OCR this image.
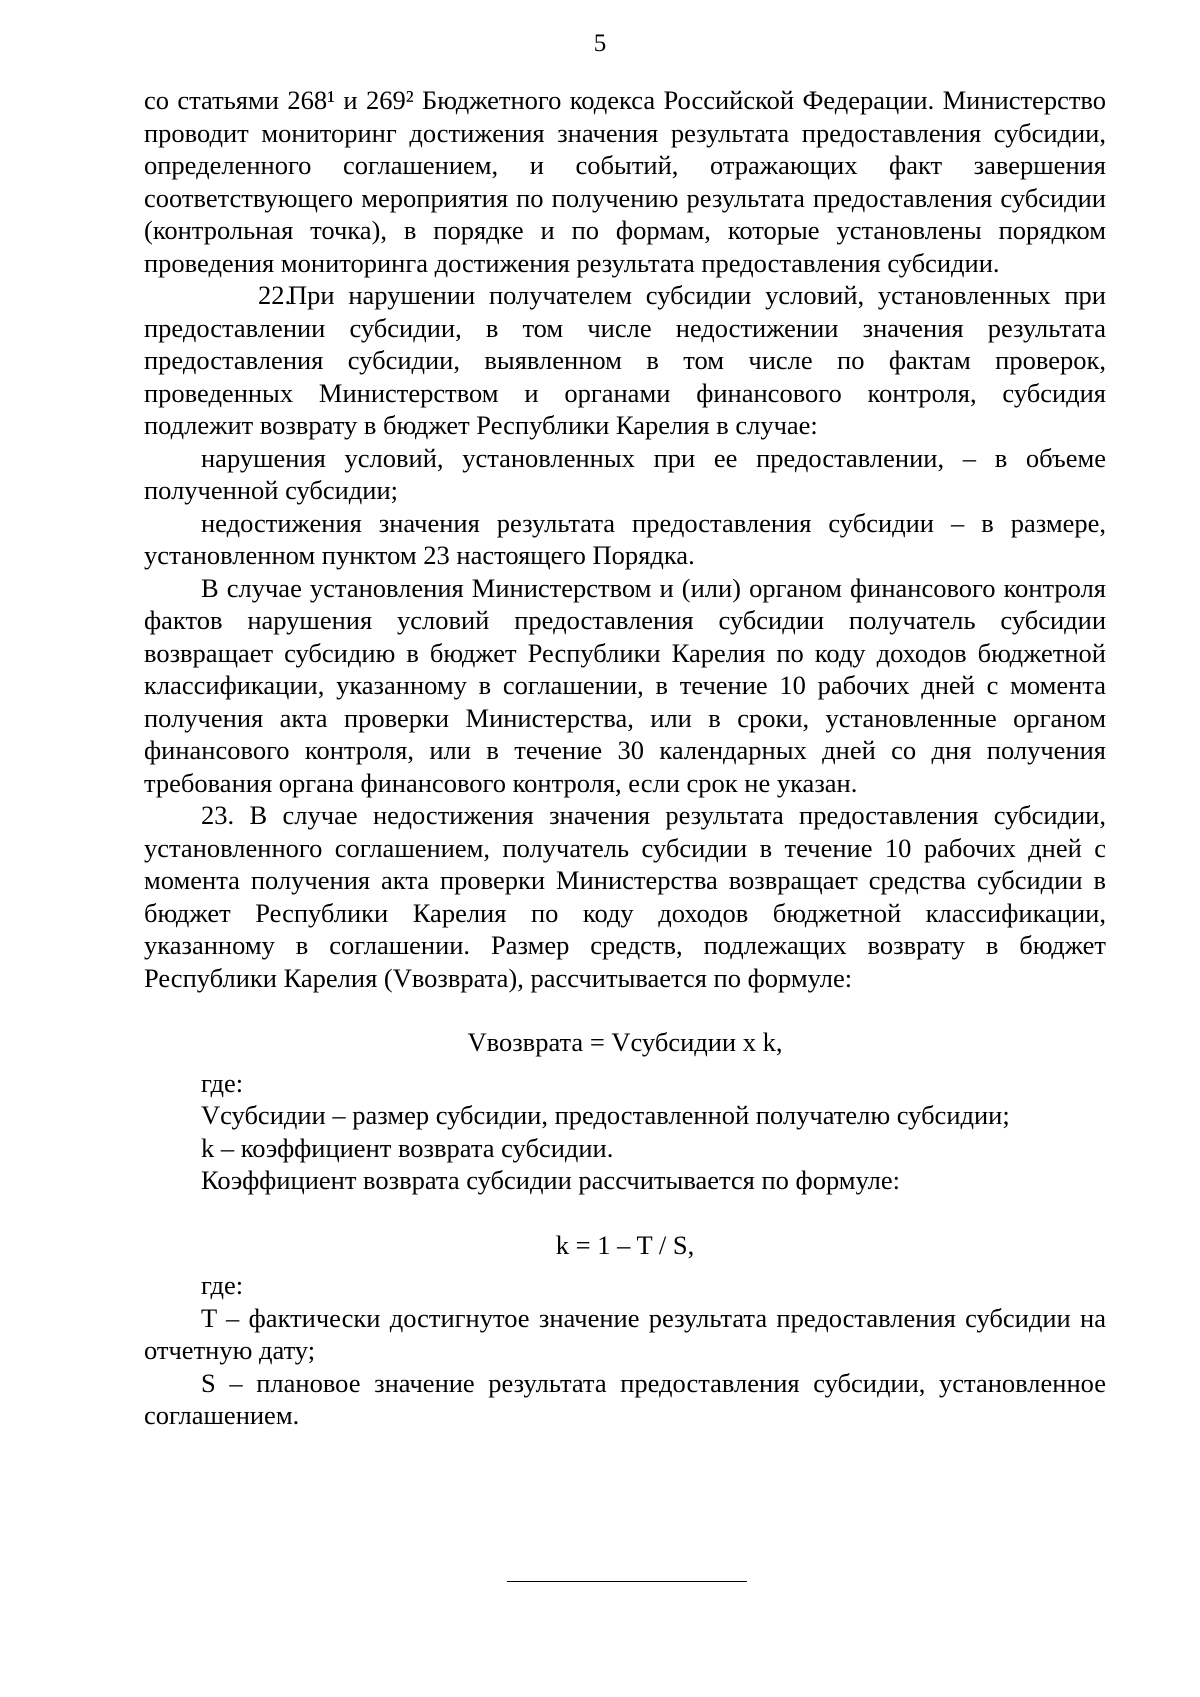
5

со статьями 268¹ и 269² Бюджетного кодекса Российской Федерации. Министерство проводит мониторинг достижения значения результата предоставления субсидии, определенного соглашением, и событий, отражающих факт завершения соответствующего мероприятия по получению результата предоставления субсидии (контрольная точка), в порядке и по формам, которые установлены порядком проведения мониторинга достижения результата предоставления субсидии.

22.При нарушении получателем субсидии условий, установленных при предоставлении субсидии, в том числе недостижении значения результата предоставления субсидии, выявленном в том числе по фактам проверок, проведенных Министерством и органами финансового контроля, субсидия подлежит возврату в бюджет Республики Карелия в случае:

нарушения условий, установленных при ее предоставлении, – в объеме полученной субсидии;

недостижения значения результата предоставления субсидии – в размере, установленном пунктом 23 настоящего Порядка.

В случае установления Министерством и (или) органом финансового контроля фактов нарушения условий предоставления субсидии получатель субсидии возвращает субсидию в бюджет Республики Карелия по коду доходов бюджетной классификации, указанному в соглашении, в течение 10 рабочих дней с момента получения акта проверки Министерства, или в сроки, установленные органом финансового контроля, или в течение 30 календарных дней со дня получения требования органа финансового контроля, если срок не указан.

23. В случае недостижения значения результата предоставления субсидии, установленного соглашением, получатель субсидии в течение 10 рабочих дней с момента получения акта проверки Министерства возвращает средства субсидии в бюджет Республики Карелия по коду доходов бюджетной классификации, указанному в соглашении. Размер средств, подлежащих возврату в бюджет Республики Карелия (Vвозврата), рассчитывается по формуле:

Vвозврата = Vсубсидии x k,

где:

Vсубсидии – размер субсидии, предоставленной получателю субсидии;

k – коэффициент возврата субсидии.

Коэффициент возврата субсидии рассчитывается по формуле:

k = 1 – T / S,

где:

T – фактически достигнутое значение результата предоставления субсидии на отчетную дату;

S – плановое значение результата предоставления субсидии, установленное соглашением.
